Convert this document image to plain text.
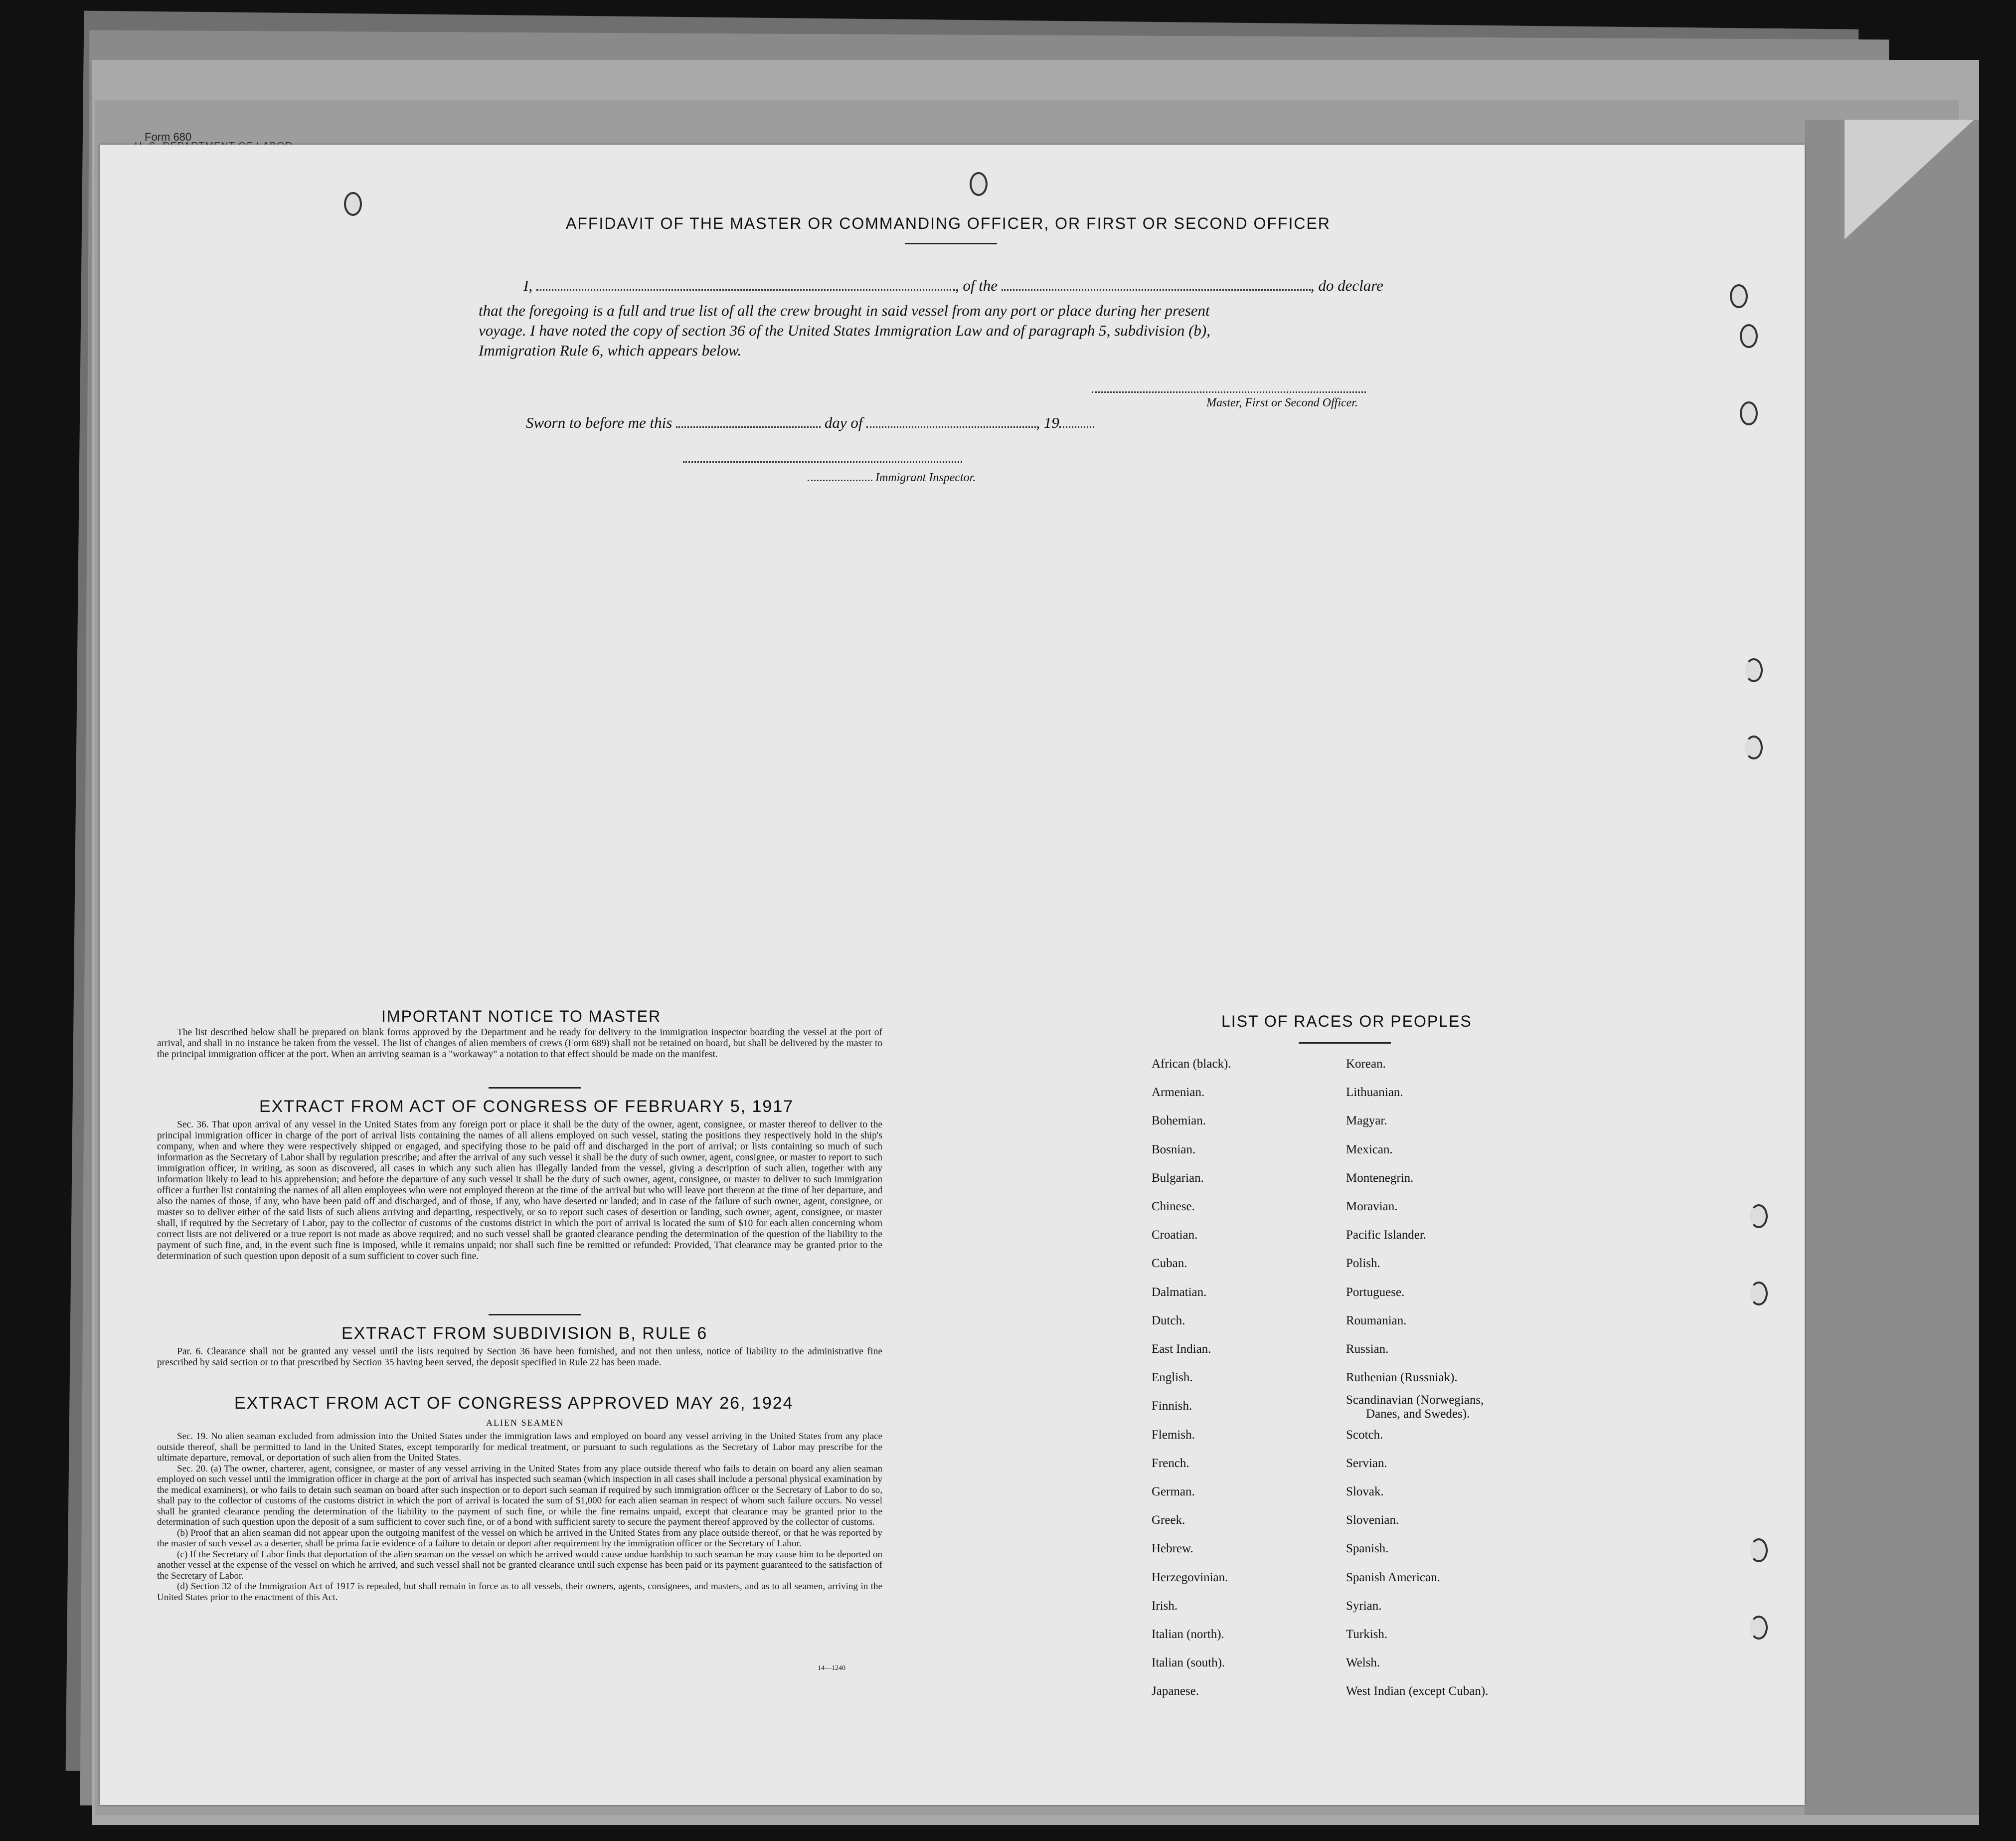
Form 680
AFFIDAVIT OF THE MASTER OR COMMANDING OFFICER, OR FIRST OR SECOND OFFICER
I,	, of the	, do declare
that the foregoing is a full and true list of all the crew brought in said vessel from any port or place during her present
voyage. I have noted the copy of section 36 of the United States Immigration Law and of paragraph 5, subdivision (b),
Immigration Rule 6, which appears below.
Master, First or Second Officer.
Sworn to before me this	day of	, 19
Immigrant Inspector.
IMPORTANT NOTICE TO MASTER

The list described below shall be prepared on blank forms approved by the Department and be ready for delivery to the immigration inspector boarding the vessel at the port of arrival, and shall in no instance be taken from the vessel. The list of changes of alien members of crews (Form 689) shall not be retained on board, but shall be delivered by the master to the principal immigration officer at the port. When an arriving seaman is a "workaway" a notation to that effect should be made on the manifest.

EXTRACT FROM ACT OF CONGRESS OF FEBRUARY 5, 1917

Sec. 36. That upon arrival of any vessel in the United States from any foreign port or place it shall be the duty of the owner, agent, consignee, or master thereof to deliver to the principal immigration officer in charge of the port of arrival lists containing the names of all aliens employed on such vessel, stating the positions they respectively hold in the ship's company, when and where they were respectively shipped or engaged, and specifying those to be paid off and discharged in the port of arrival; or lists containing so much of such information as the Secretary of Labor shall by regulation prescribe; and after the arrival of any such vessel it shall be the duty of such owner, agent, consignee, or master to report to such immigration officer, in writing, as soon as discovered, all cases in which any such alien has illegally landed from the vessel, giving a description of such alien, together with any information likely to lead to his apprehension; and before the departure of any such vessel it shall be the duty of such owner, agent, consignee, or master to deliver to such immigration officer a further list containing the names of all alien employees who were not employed thereon at the time of the arrival but who will leave port thereon at the time of her departure, and also the names of those, if any, who have been paid off and discharged, and of those, if any, who have deserted or landed; and in case of the failure of such owner, agent, consignee, or master so to deliver either of the said lists of such aliens arriving and departing, respectively, or so to report such cases of desertion or landing, such owner, agent, consignee, or master shall, if required by the Secretary of Labor, pay to the collector of customs of the customs district in which the port of arrival is located the sum of $10 for each alien concerning whom correct lists are not delivered or a true report is not made as above required; and no such vessel shall be granted clearance pending the determination of the question of the liability to the payment of such fine, and, in the event such fine is imposed, while it remains unpaid; nor shall such fine be remitted or refunded: Provided, That clearance may be granted prior to the determination of such question upon deposit of a sum sufficient to cover such fine.

EXTRACT FROM SUBDIVISION B, RULE 6

Par. 6. Clearance shall not be granted any vessel until the lists required by Section 36 have been furnished, and not then unless, notice of liability to the administrative fine prescribed by said section or to that prescribed by Section 35 having been served, the deposit specified in Rule 22 has been made.

EXTRACT FROM ACT OF CONGRESS APPROVED MAY 26, 1924
ALIEN SEAMEN

Sec. 19. No alien seaman excluded from admission into the United States under the immigration laws and employed on board any vessel arriving in the United States from any place outside thereof, shall be permitted to land in the United States, except temporarily for medical treatment, or pursuant to such regulations as the Secretary of Labor may prescribe for the ultimate departure, removal, or deportation of such alien from the United States.

Sec. 20. (a) The owner, charterer, agent, consignee, or master of any vessel arriving in the United States from any place outside thereof who fails to detain on board any alien seaman employed on such vessel until the immigration officer in charge at the port of arrival has inspected such seaman (which inspection in all cases shall include a personal physical examination by the medical examiners), or who fails to detain such seaman on board after such inspection or to deport such seaman if required by such immigration officer or the Secretary of Labor to do so, shall pay to the collector of customs of the customs district in which the port of arrival is located the sum of $1,000 for each alien seaman in respect of whom such failure occurs. No vessel shall be granted clearance pending the determination of the liability to the payment of such fine, or while the fine remains unpaid, except that clearance may be granted prior to the determination of such question upon the deposit of a sum sufficient to cover such fine, or of a bond with sufficient surety to secure the payment thereof approved by the collector of customs.

(b) Proof that an alien seaman did not appear upon the outgoing manifest of the vessel on which he arrived in the United States from any place outside thereof, or that he was reported by the master of such vessel as a deserter, shall be prima facie evidence of a failure to detain or deport after requirement by the immigration officer or the Secretary of Labor.

(c) If the Secretary of Labor finds that deportation of the alien seaman on the vessel on which he arrived would cause undue hardship to such seaman he may cause him to be deported on another vessel at the expense of the vessel on which he arrived, and such vessel shall not be granted clearance until such expense has been paid or its payment guaranteed to the satisfaction of the Secretary of Labor.

(d) Section 32 of the Immigration Act of 1917 is repealed, but shall remain in force as to all vessels, their owners, agents, consignees, and masters, and as to all seamen, arriving in the United States prior to the enactment of this Act.

14—1240
LIST OF RACES OR PEOPLES
African (black).
Armenian.
Bohemian.
Bosnian.
Bulgarian.
Chinese.
Croatian.
Cuban.
Dalmatian.
Dutch.
East Indian.
English.
Finnish.
Flemish.
French.
German.
Greek.
Hebrew.
Herzegovinian.
Irish.
Italian (north).
Italian (south).
Japanese.
Korean.
Lithuanian.
Magyar.
Mexican.
Montenegrin.
Moravian.
Pacific Islander.
Polish.
Portuguese.
Roumanian.
Russian.
Ruthenian (Russniak).
Scandinavian (Norwegians,
Danes, and Swedes).
Scotch.
Servian.
Slovak.
Slovenian.
Spanish.
Spanish American.
Syrian.
Turkish.
Welsh.
West Indian (except Cuban).
